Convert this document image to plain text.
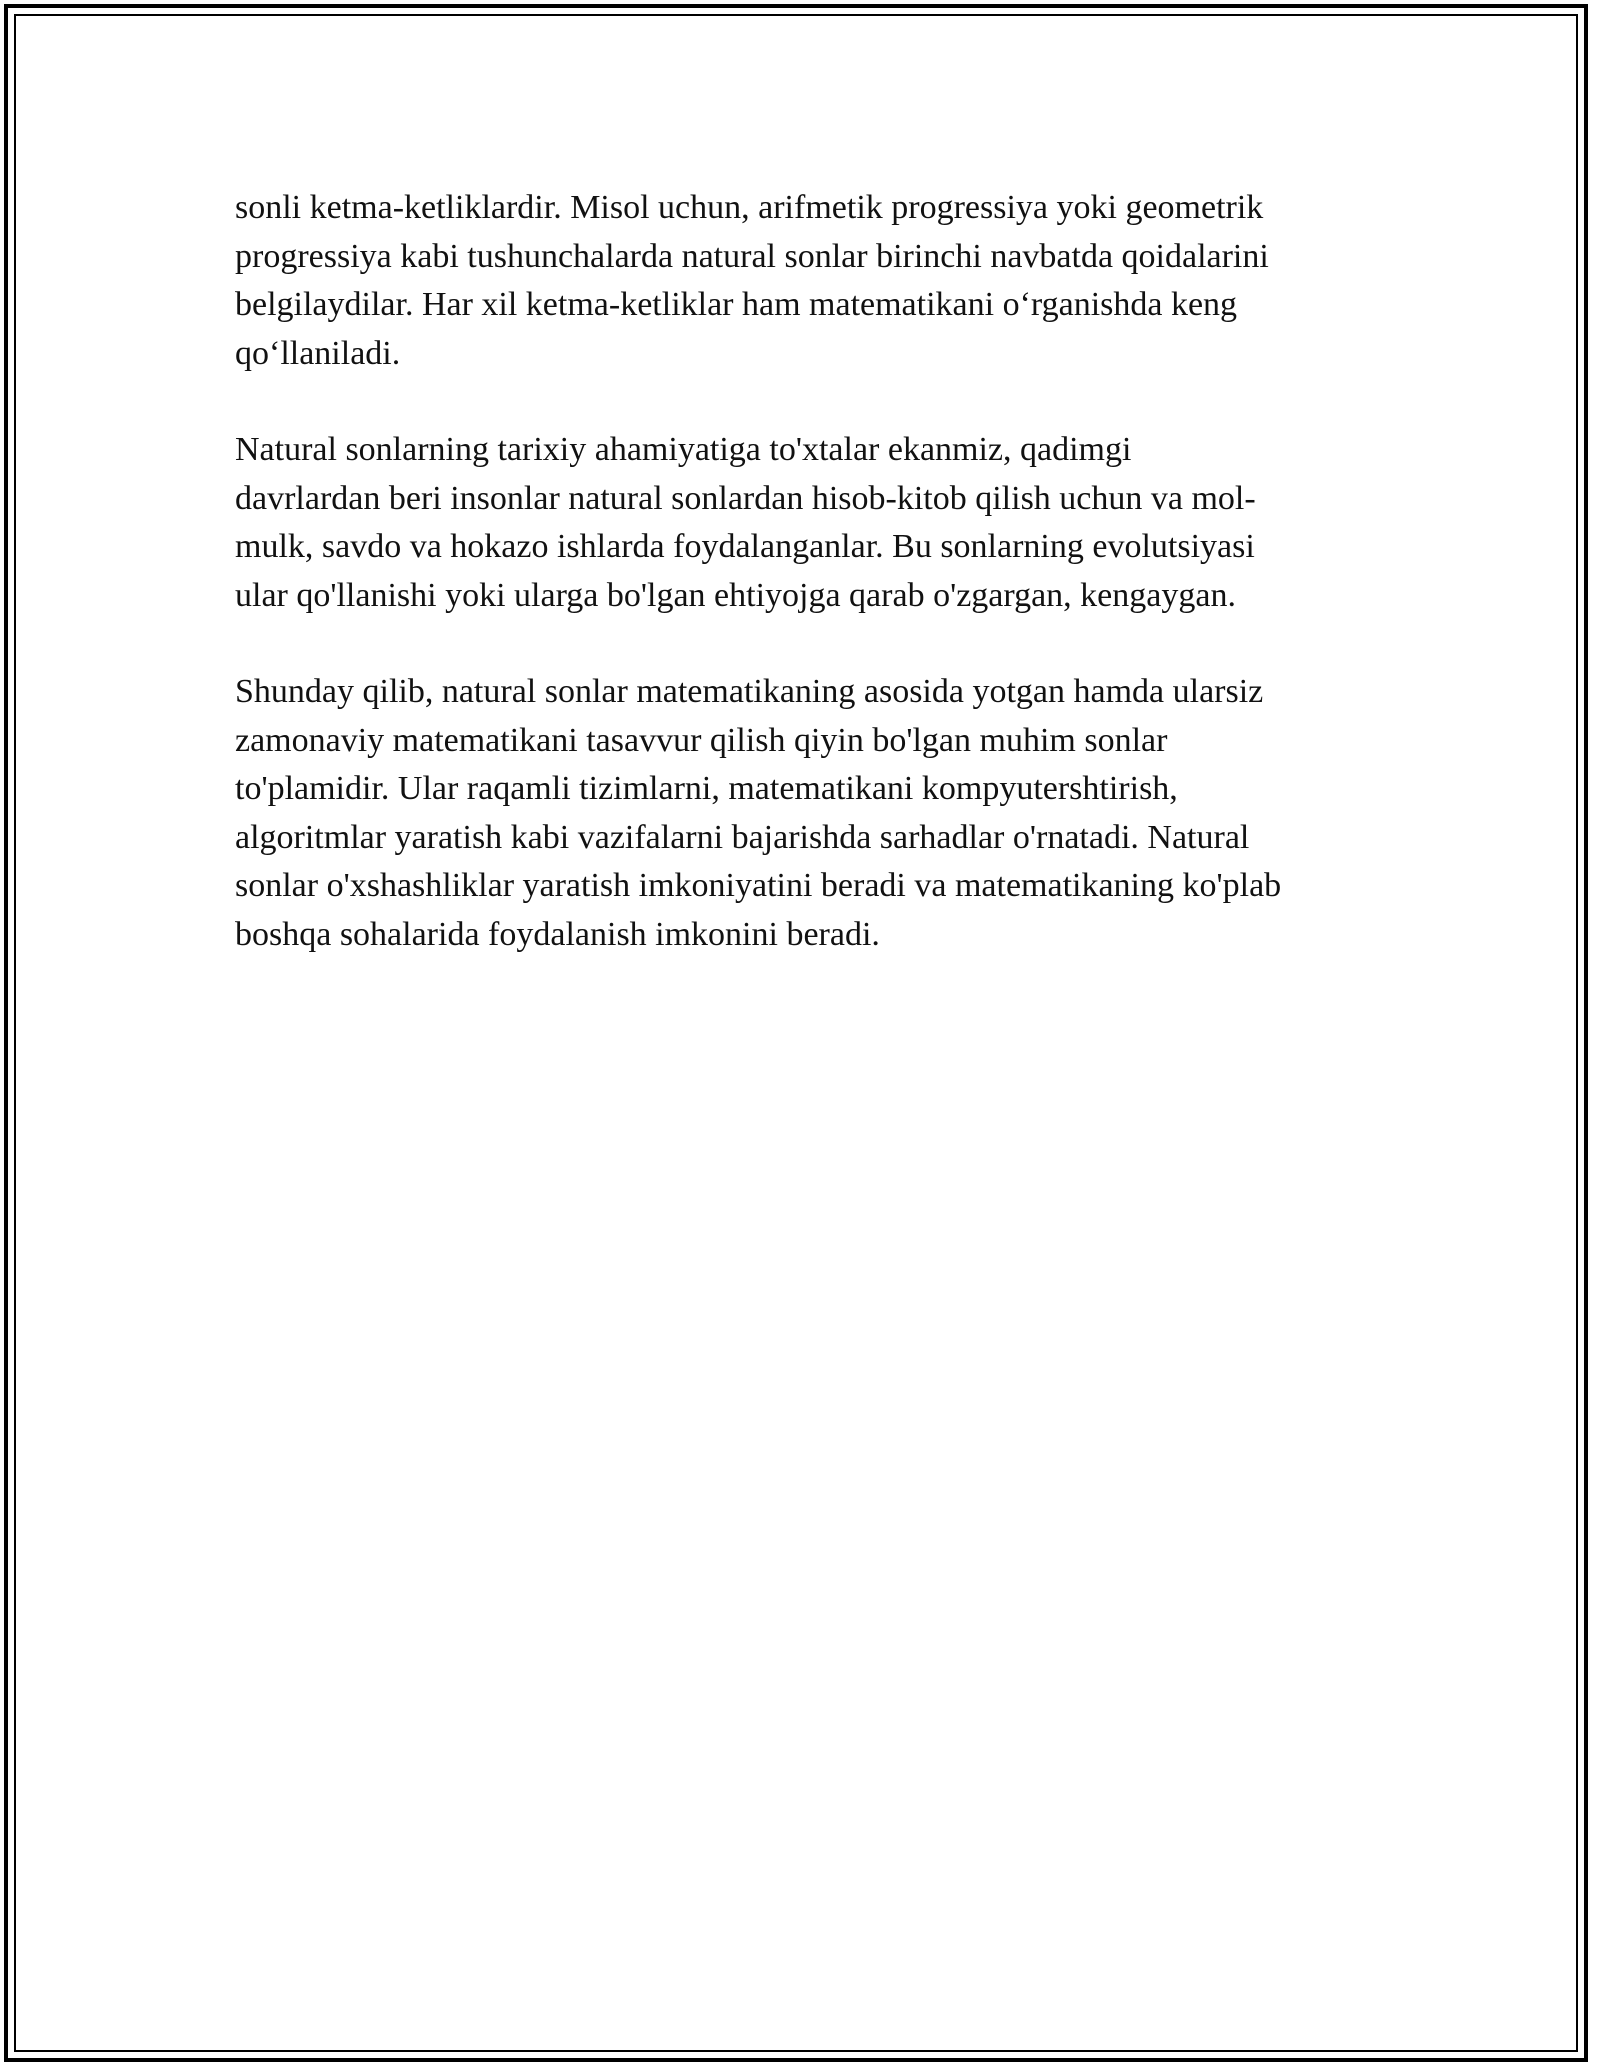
sonli ketma-ketliklardir. Misol uchun, arifmetik progressiya yoki geometrik
progressiya kabi tushunchalarda natural sonlar birinchi navbatda qoidalarini
belgilaydilar. Har xil ketma-ketliklar ham matematikani o‘rganishda keng
qo‘llaniladi.

Natural sonlarning tarixiy ahamiyatiga to'xtalar ekanmiz, qadimgi
davrlardan beri insonlar natural sonlardan hisob-kitob qilish uchun va mol-
mulk, savdo va hokazo ishlarda foydalanganlar. Bu sonlarning evolutsiyasi
ular qo'llanishi yoki ularga bo'lgan ehtiyojga qarab o'zgargan, kengaygan.

Shunday qilib, natural sonlar matematikaning asosida yotgan hamda ularsiz
zamonaviy matematikani tasavvur qilish qiyin bo'lgan muhim sonlar
to'plamidir. Ular raqamli tizimlarni, matematikani kompyutershtirish,
algoritmlar yaratish kabi vazifalarni bajarishda sarhadlar o'rnatadi. Natural
sonlar o'xshashliklar yaratish imkoniyatini beradi va matematikaning ko'plab
boshqa sohalarida foydalanish imkonini beradi.
